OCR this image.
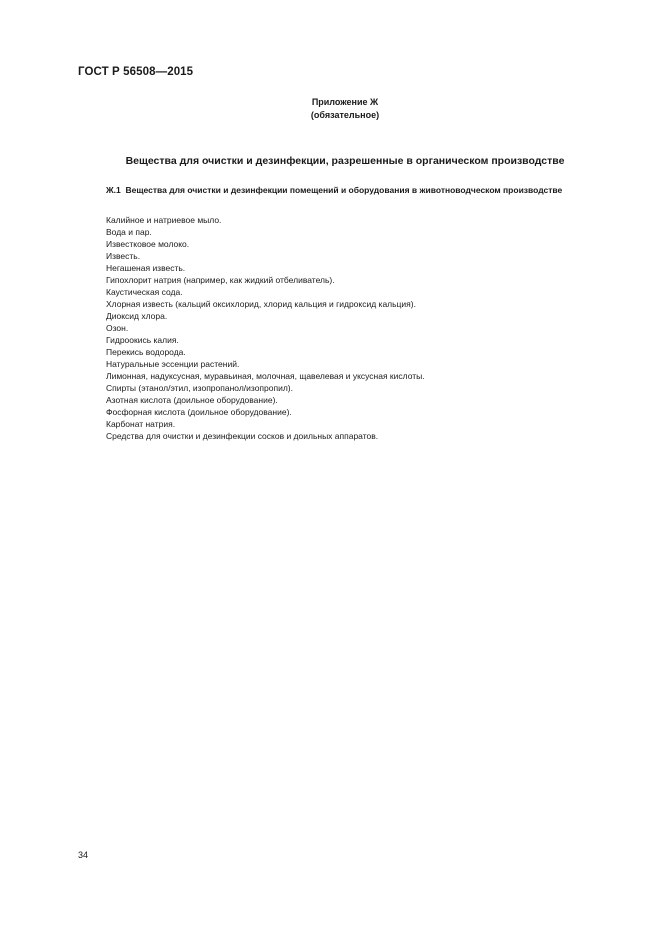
ГОСТ Р 56508—2015
Приложение Ж
(обязательное)
Вещества для очистки и дезинфекции, разрешенные в органическом производстве
Ж.1 Вещества для очистки и дезинфекции помещений и оборудования в животноводческом производстве
Калийное и натриевое мыло.
Вода и пар.
Известковое молоко.
Известь.
Негашеная известь.
Гипохлорит натрия (например, как жидкий отбеливатель).
Каустическая сода.
Хлорная известь (кальций оксихлорид, хлорид кальция и гидроксид кальция).
Диоксид хлора.
Озон.
Гидроокись калия.
Перекись водорода.
Натуральные эссенции растений.
Лимонная, надуксусная, муравьиная, молочная, щавелевая и уксусная кислоты.
Спирты (этанол/этил, изопропанол/изопропил).
Азотная кислота (доильное оборудование).
Фосфорная кислота (доильное оборудование).
Карбонат натрия.
Средства для очистки и дезинфекции сосков и доильных аппаратов.
34
